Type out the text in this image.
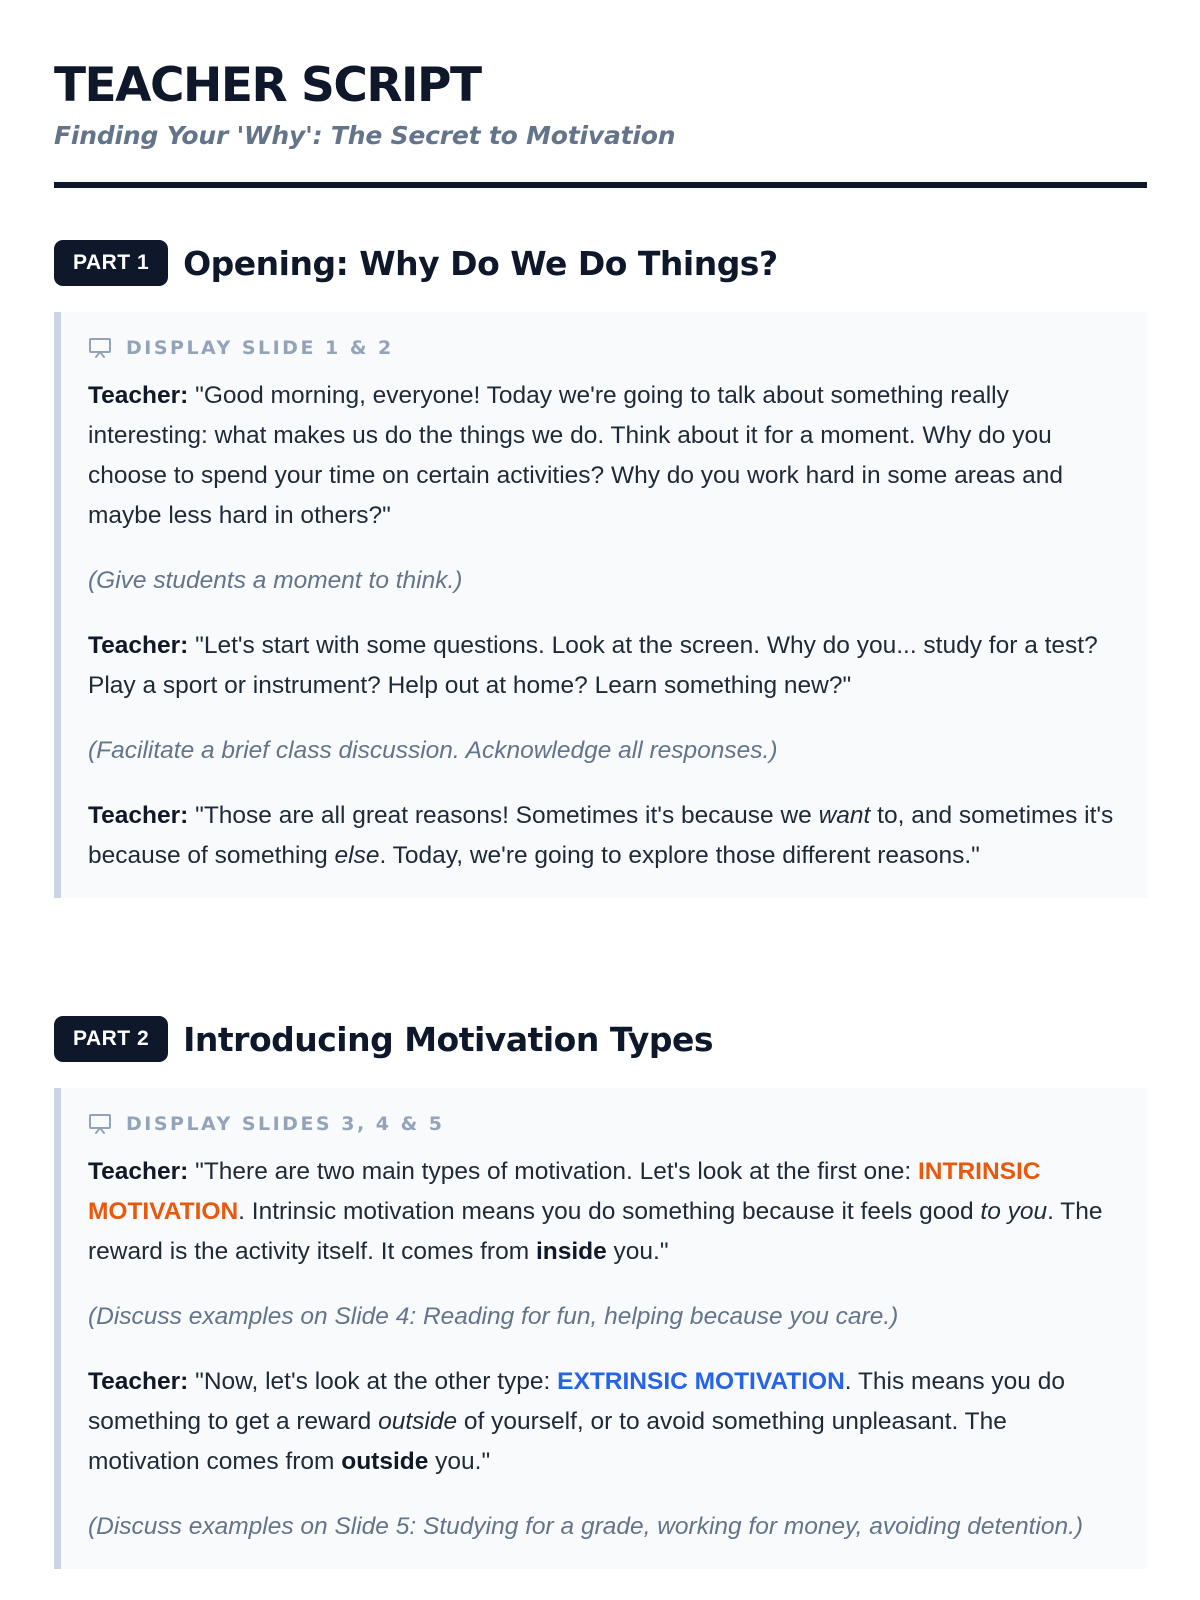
TEACHER SCRIPT
Finding Your 'Why': The Secret to Motivation
PART 1	Opening: Why Do We Do Things?
DISPLAY SLIDE 1 & 2

Teacher: "Good morning, everyone! Today we're going to talk about something really interesting: what makes us do the things we do. Think about it for a moment. Why do you choose to spend your time on certain activities? Why do you work hard in some areas and maybe less hard in others?"

(Give students a moment to think.)

Teacher: "Let's start with some questions. Look at the screen. Why do you... study for a test? Play a sport or instrument? Help out at home? Learn something new?"

(Facilitate a brief class discussion. Acknowledge all responses.)

Teacher: "Those are all great reasons! Sometimes it's because we want to, and sometimes it's because of something else. Today, we're going to explore those different reasons."

PART 2	Introducing Motivation Types
DISPLAY SLIDES 3, 4 & 5

Teacher: "There are two main types of motivation. Let's look at the first one: INTRINSIC MOTIVATION. Intrinsic motivation means you do something because it feels good to you. The reward is the activity itself. It comes from inside you."

(Discuss examples on Slide 4: Reading for fun, helping because you care.)

Teacher: "Now, let's look at the other type: EXTRINSIC MOTIVATION. This means you do something to get a reward outside of yourself, or to avoid something unpleasant. The motivation comes from outside you."

(Discuss examples on Slide 5: Studying for a grade, working for money, avoiding detention.)
